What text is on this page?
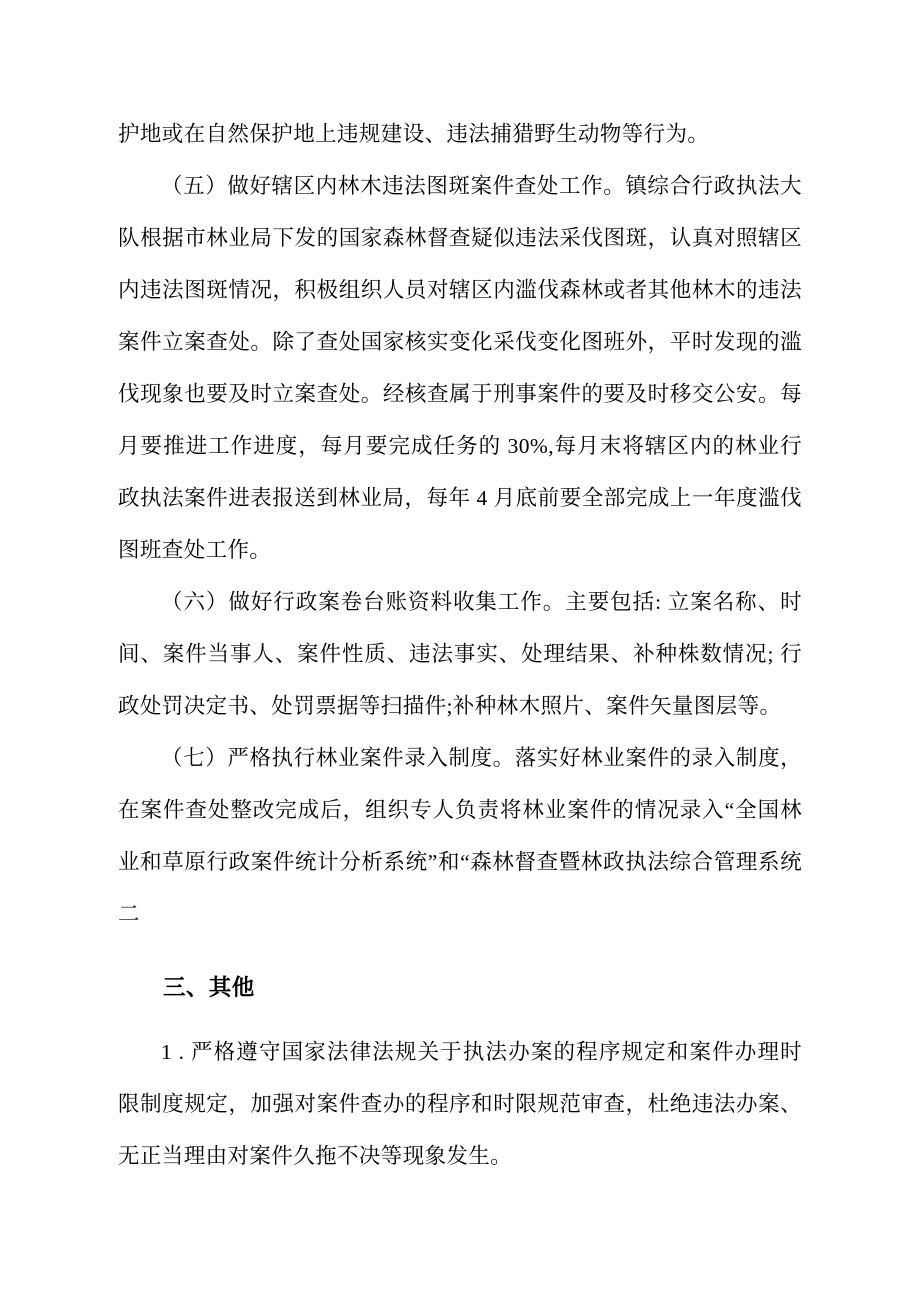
护地或在自然保护地上违规建设、违法捕猎野生动物等行为。

（五）做好辖区内林木违法图斑案件查处工作。镇综合行政执法大队根据市林业局下发的国家森林督查疑似违法采伐图斑，认真对照辖区内违法图斑情况，积极组织人员对辖区内滥伐森林或者其他林木的违法案件立案查处。除了查处国家核实变化采伐变化图班外，平时发现的滥伐现象也要及时立案查处。经核查属于刑事案件的要及时移交公安。每月要推进工作进度，每月要完成任务的 30%,每月末将辖区内的林业行政执法案件进表报送到林业局，每年 4 月底前要全部完成上一年度滥伐图班查处工作。

（六）做好行政案卷台账资料收集工作。主要包括: 立案名称、时间、案件当事人、案件性质、违法事实、处理结果、补种株数情况; 行政处罚决定书、处罚票据等扫描件;补种林木照片、案件矢量图层等。

（七）严格执行林业案件录入制度。落实好林业案件的录入制度，在案件查处整改完成后，组织专人负责将林业案件的情况录入“全国林业和草原行政案件统计分析系统”和“森林督查暨林政执法综合管理系统二

三、其他

1 . 严格遵守国家法律法规关于执法办案的程序规定和案件办理时限制度规定，加强对案件查办的程序和时限规范审查，杜绝违法办案、无正当理由对案件久拖不决等现象发生。
